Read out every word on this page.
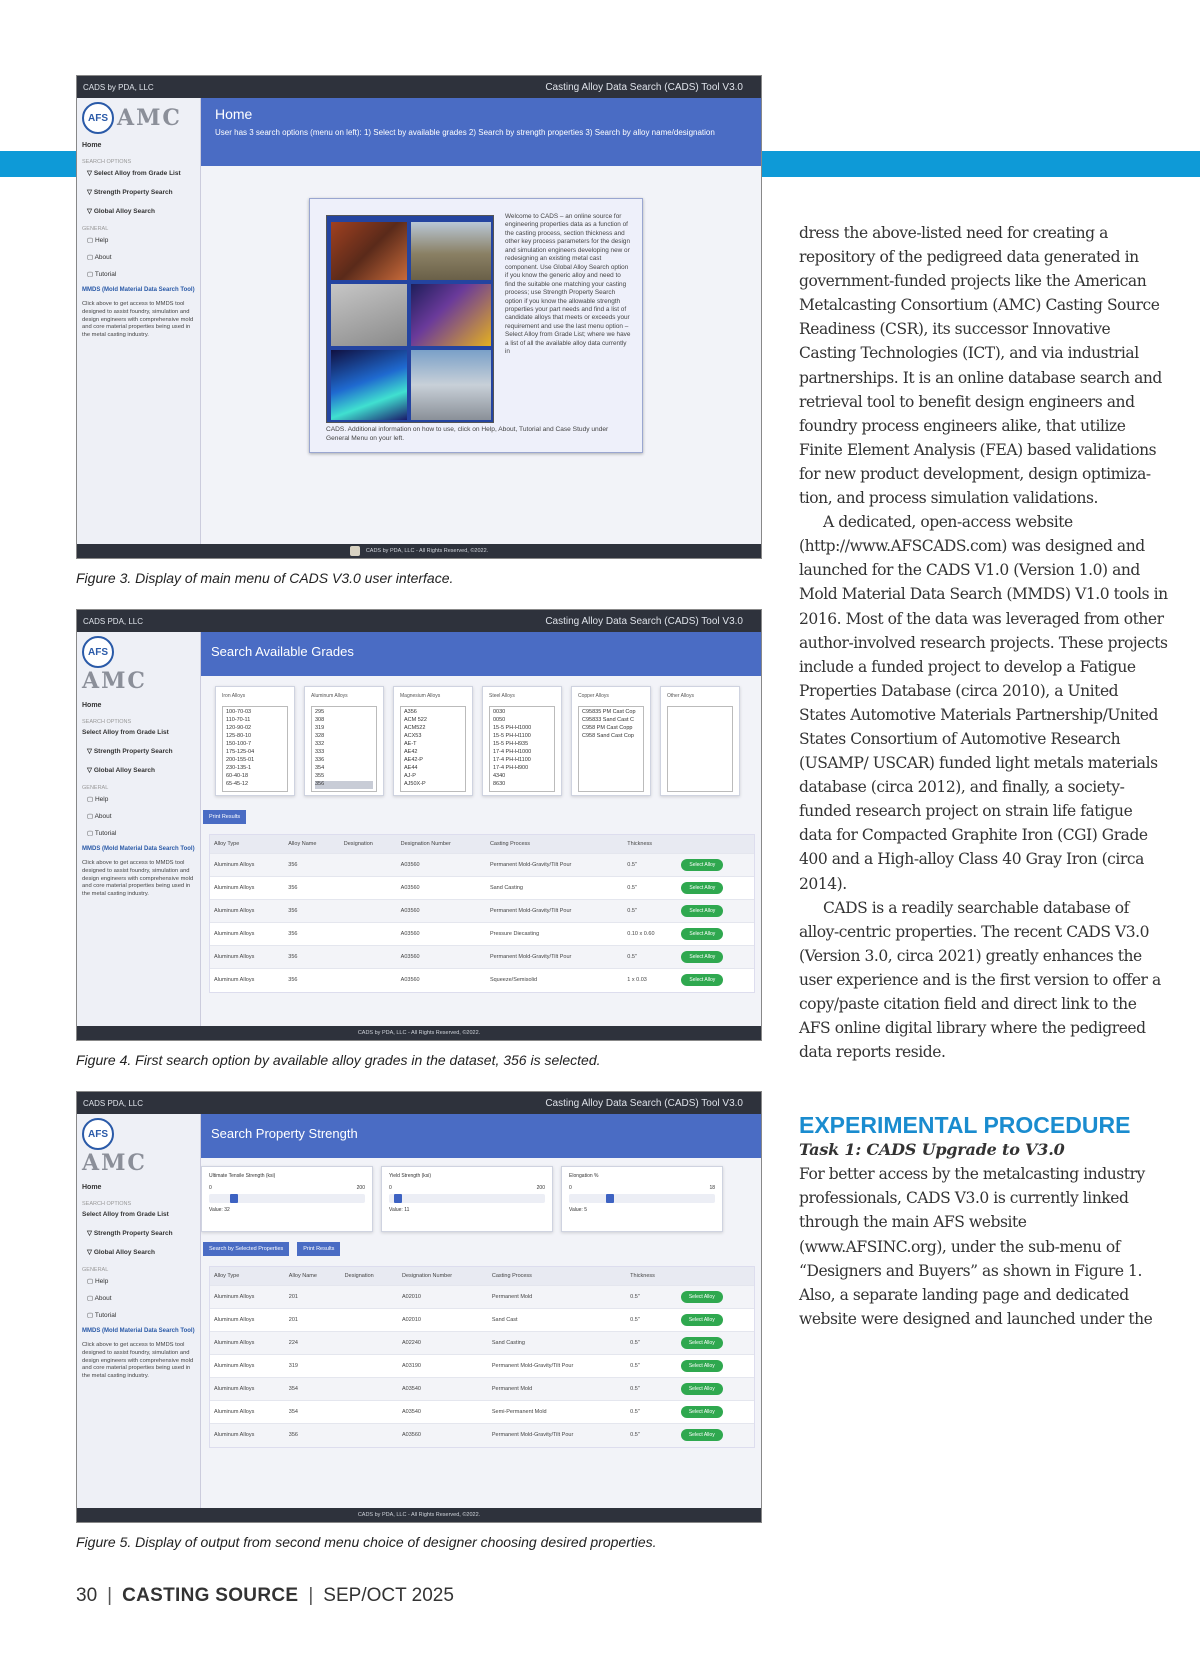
CADS by PDA, LLC	Casting Alloy Data Search (CADS) Tool V3.0
AFS AMC
Home
SEARCH OPTIONS
▽ Select Alloy from Grade List
▽ Strength Property Search
▽ Global Alloy Search
GENERAL
▢ Help
▢ About
▢ Tutorial
MMDS (Mold Material Data Search Tool)
Click above to get access to MMDS tool designed to assist foundry, simulation and design engineers with comprehensive mold and core material properties being used in the metal casting industry.
Home
User has 3 search options (menu on left): 1) Select by available grades 2) Search by strength properties 3) Search by alloy name/designation
Welcome to CADS – an online source for engineering properties data as a function of the casting process, section thickness and other key process parameters for the design and simulation engineers developing new or redesigning an existing metal cast component. Use Global Alloy Search option if you know the generic alloy and need to find the suitable one matching your casting process; use Strength Property Search option if you know the allowable strength properties your part needs and find a list of candidate alloys that meets or exceeds your requirement and use the last menu option – Select Alloy from Grade List; where we have a list of all the available alloy data currently in
CADS. Additional information on how to use, click on Help, About, Tutorial and Case Study under General Menu on your left.
CADS by PDA, LLC - All Rights Reserved, ©2022.
Figure 3. Display of main menu of CADS V3.0 user interface.
CADS PDA, LLC	Casting Alloy Data Search (CADS) Tool V3.0
AFS
AMC
Home
SEARCH OPTIONS
Select Alloy from Grade List
▽ Strength Property Search
▽ Global Alloy Search
GENERAL
▢ Help
▢ About
▢ Tutorial
MMDS (Mold Material Data Search Tool)
Click above to get access to MMDS tool designed to assist foundry, simulation and design engineers with comprehensive mold and core material properties being used in the metal casting industry.
Search Available Grades
Iron Alloys
100-70-03
110-70-11
120-90-02
125-80-10
150-100-7
175-125-04
200-155-01
230-135-1
60-40-18
65-45-12
Aluminum Alloys
295
308
319
328
332
333
336
354
355
356
Magnesium Alloys
A356
ACM 522
ACM522
ACX53
AE-T
AE42
AE42-P
AE44
AJ-P
AJ50X-P
Steel Alloys
0030
0050
15-5 PH-H1000
15-5 PH-H1100
15-5 PH-H935
17-4 PH-H1000
17-4 PH-H1100
17-4 PH-H900
4340
8630
Copper Alloys
C95835 PM Cast Cop
C95833 Sand Cast C
C958 PM Cast Copp
C958 Sand Cast Cop
Other Alloys
Print Results
Alloy Type	Alloy Name	Designation	Designation Number	Casting Process	Thickness	
Aluminum Alloys	356		A03560	Permanent Mold-Gravity/Tilt Pour	0.5"	Select Alloy
Aluminum Alloys	356		A03560	Sand Casting	0.5"	Select Alloy
Aluminum Alloys	356		A03560	Permanent Mold-Gravity/Tilt Pour	0.5"	Select Alloy
Aluminum Alloys	356		A03560	Pressure Diecasting	0.10 x 0.60	Select Alloy
Aluminum Alloys	356		A03560	Permanent Mold-Gravity/Tilt Pour	0.5"	Select Alloy
Aluminum Alloys	356		A03560	Squeeze/Semisolid	1 x 0.03	Select Alloy
CADS by PDA, LLC - All Rights Reserved, ©2022.
Figure 4. First search option by available alloy grades in the dataset, 356 is selected.
CADS PDA, LLC	Casting Alloy Data Search (CADS) Tool V3.0
AFS
AMC
Home
SEARCH OPTIONS
Select Alloy from Grade List
▽ Strength Property Search
▽ Global Alloy Search
GENERAL
▢ Help
▢ About
▢ Tutorial
MMDS (Mold Material Data Search Tool)
Click above to get access to MMDS tool designed to assist foundry, simulation and design engineers with comprehensive mold and core material properties being used in the metal casting industry.
Search Property Strength
Ultimate Tensile Strength (ksi)
0	200
Value: 32
Yield Strength (ksi)
0	200
Value: 11
Elongation %
0	18
Value: 5
Search by Selected Properties	Print Results
Alloy Type	Alloy Name	Designation	Designation Number	Casting Process	Thickness	
Aluminum Alloys	201		A02010	Permanent Mold	0.5"	Select Alloy
Aluminum Alloys	201		A02010	Sand Cast	0.5"	Select Alloy
Aluminum Alloys	224		A02240	Sand Casting	0.5"	Select Alloy
Aluminum Alloys	319		A03190	Permanent Mold-Gravity/Tilt Pour	0.5"	Select Alloy
Aluminum Alloys	354		A03540	Permanent Mold	0.5"	Select Alloy
Aluminum Alloys	354		A03540	Semi-Permanent Mold	0.5"	Select Alloy
Aluminum Alloys	356		A03560	Permanent Mold-Gravity/Tilt Pour	0.5"	Select Alloy
CADS by PDA, LLC - All Rights Reserved, ©2022.
Figure 5. Display of output from second menu choice of designer choosing desired properties.

dress the above-listed need for creating a repository of the pedigreed data generated in government-funded projects like the American Metalcasting Consortium (AMC) Casting Source Readiness (CSR), its successor Innovative Casting Technologies (ICT), and via industrial partnerships. It is an online database search and retrieval tool to benefit design engineers and foundry process engineers alike, that utilize Finite Element Analysis (FEA) based validations for new product development, design optimization, and process simulation validations.

A dedicated, open-access website (http://www.AFSCADS.com) was designed and launched for the CADS V1.0 (Version 1.0) and Mold Material Data Search (MMDS) V1.0 tools in 2016. Most of the data was leveraged from other author-involved research projects. These projects include a funded project to develop a Fatigue Properties Database (circa 2010), a United States Automotive Materials Partnership/United States Consortium of Automotive Research (USAMP/ USCAR) funded light metals materials database (circa 2012), and finally, a society-funded research project on strain life fatigue data for Compacted Graphite Iron (CGI) Grade 400 and a High-alloy Class 40 Gray Iron (circa 2014).

CADS is a readily searchable database of alloy-centric properties. The recent CADS V3.0 (Version 3.0, circa 2021) greatly enhances the user experience and is the first version to offer a copy/paste citation field and direct link to the AFS online digital library where the pedigreed data reports reside.

EXPERIMENTAL PROCEDURE
Task 1: CADS Upgrade to V3.0

For better access by the metalcasting industry professionals, CADS V3.0 is currently linked through the main AFS website (www.AFSINC.org), under the sub-menu of “Designers and Buyers” as shown in Figure 1. Also, a separate landing page and dedicated website were designed and launched under the

30 | CASTING SOURCE | SEP/OCT 2025
